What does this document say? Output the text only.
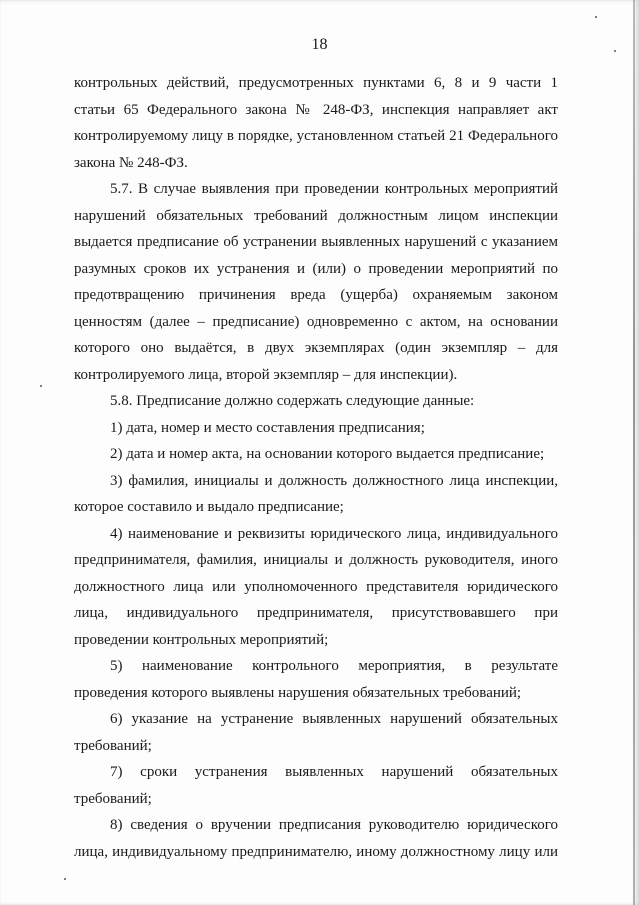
18

контрольных действий, предусмотренных пунктами 6, 8 и 9 части 1
статьи 65 Федерального закона № 248-ФЗ, инспекция направляет акт
контролируемому лицу в порядке, установленном статьей 21 Федерального
закона № 248-ФЗ.

5.7. В случае выявления при проведении контрольных мероприятий
нарушений обязательных требований должностным лицом инспекции
выдается предписание об устранении выявленных нарушений с указанием
разумных сроков их устранения и (или) о проведении мероприятий по
предотвращению причинения вреда (ущерба) охраняемым законом
ценностям (далее – предписание) одновременно с актом, на основании
которого оно выдаётся, в двух экземплярах (один экземпляр – для
контролируемого лица, второй экземпляр – для инспекции).

5.8. Предписание должно содержать следующие данные:

1) дата, номер и место составления предписания;

2) дата и номер акта, на основании которого выдается предписание;

3) фамилия, инициалы и должность должностного лица инспекции,
которое составило и выдало предписание;

4) наименование и реквизиты юридического лица, индивидуального
предпринимателя, фамилия, инициалы и должность руководителя, иного
должностного лица или уполномоченного представителя юридического
лица, индивидуального предпринимателя, присутствовавшего при
проведении контрольных мероприятий;

5) наименование контрольного мероприятия, в результате
проведения которого выявлены нарушения обязательных требований;

6) указание на устранение выявленных нарушений обязательных
требований;

7) сроки устранения выявленных нарушений обязательных
требований;

8) сведения о вручении предписания руководителю юридического
лица, индивидуальному предпринимателю, иному должностному лицу или
